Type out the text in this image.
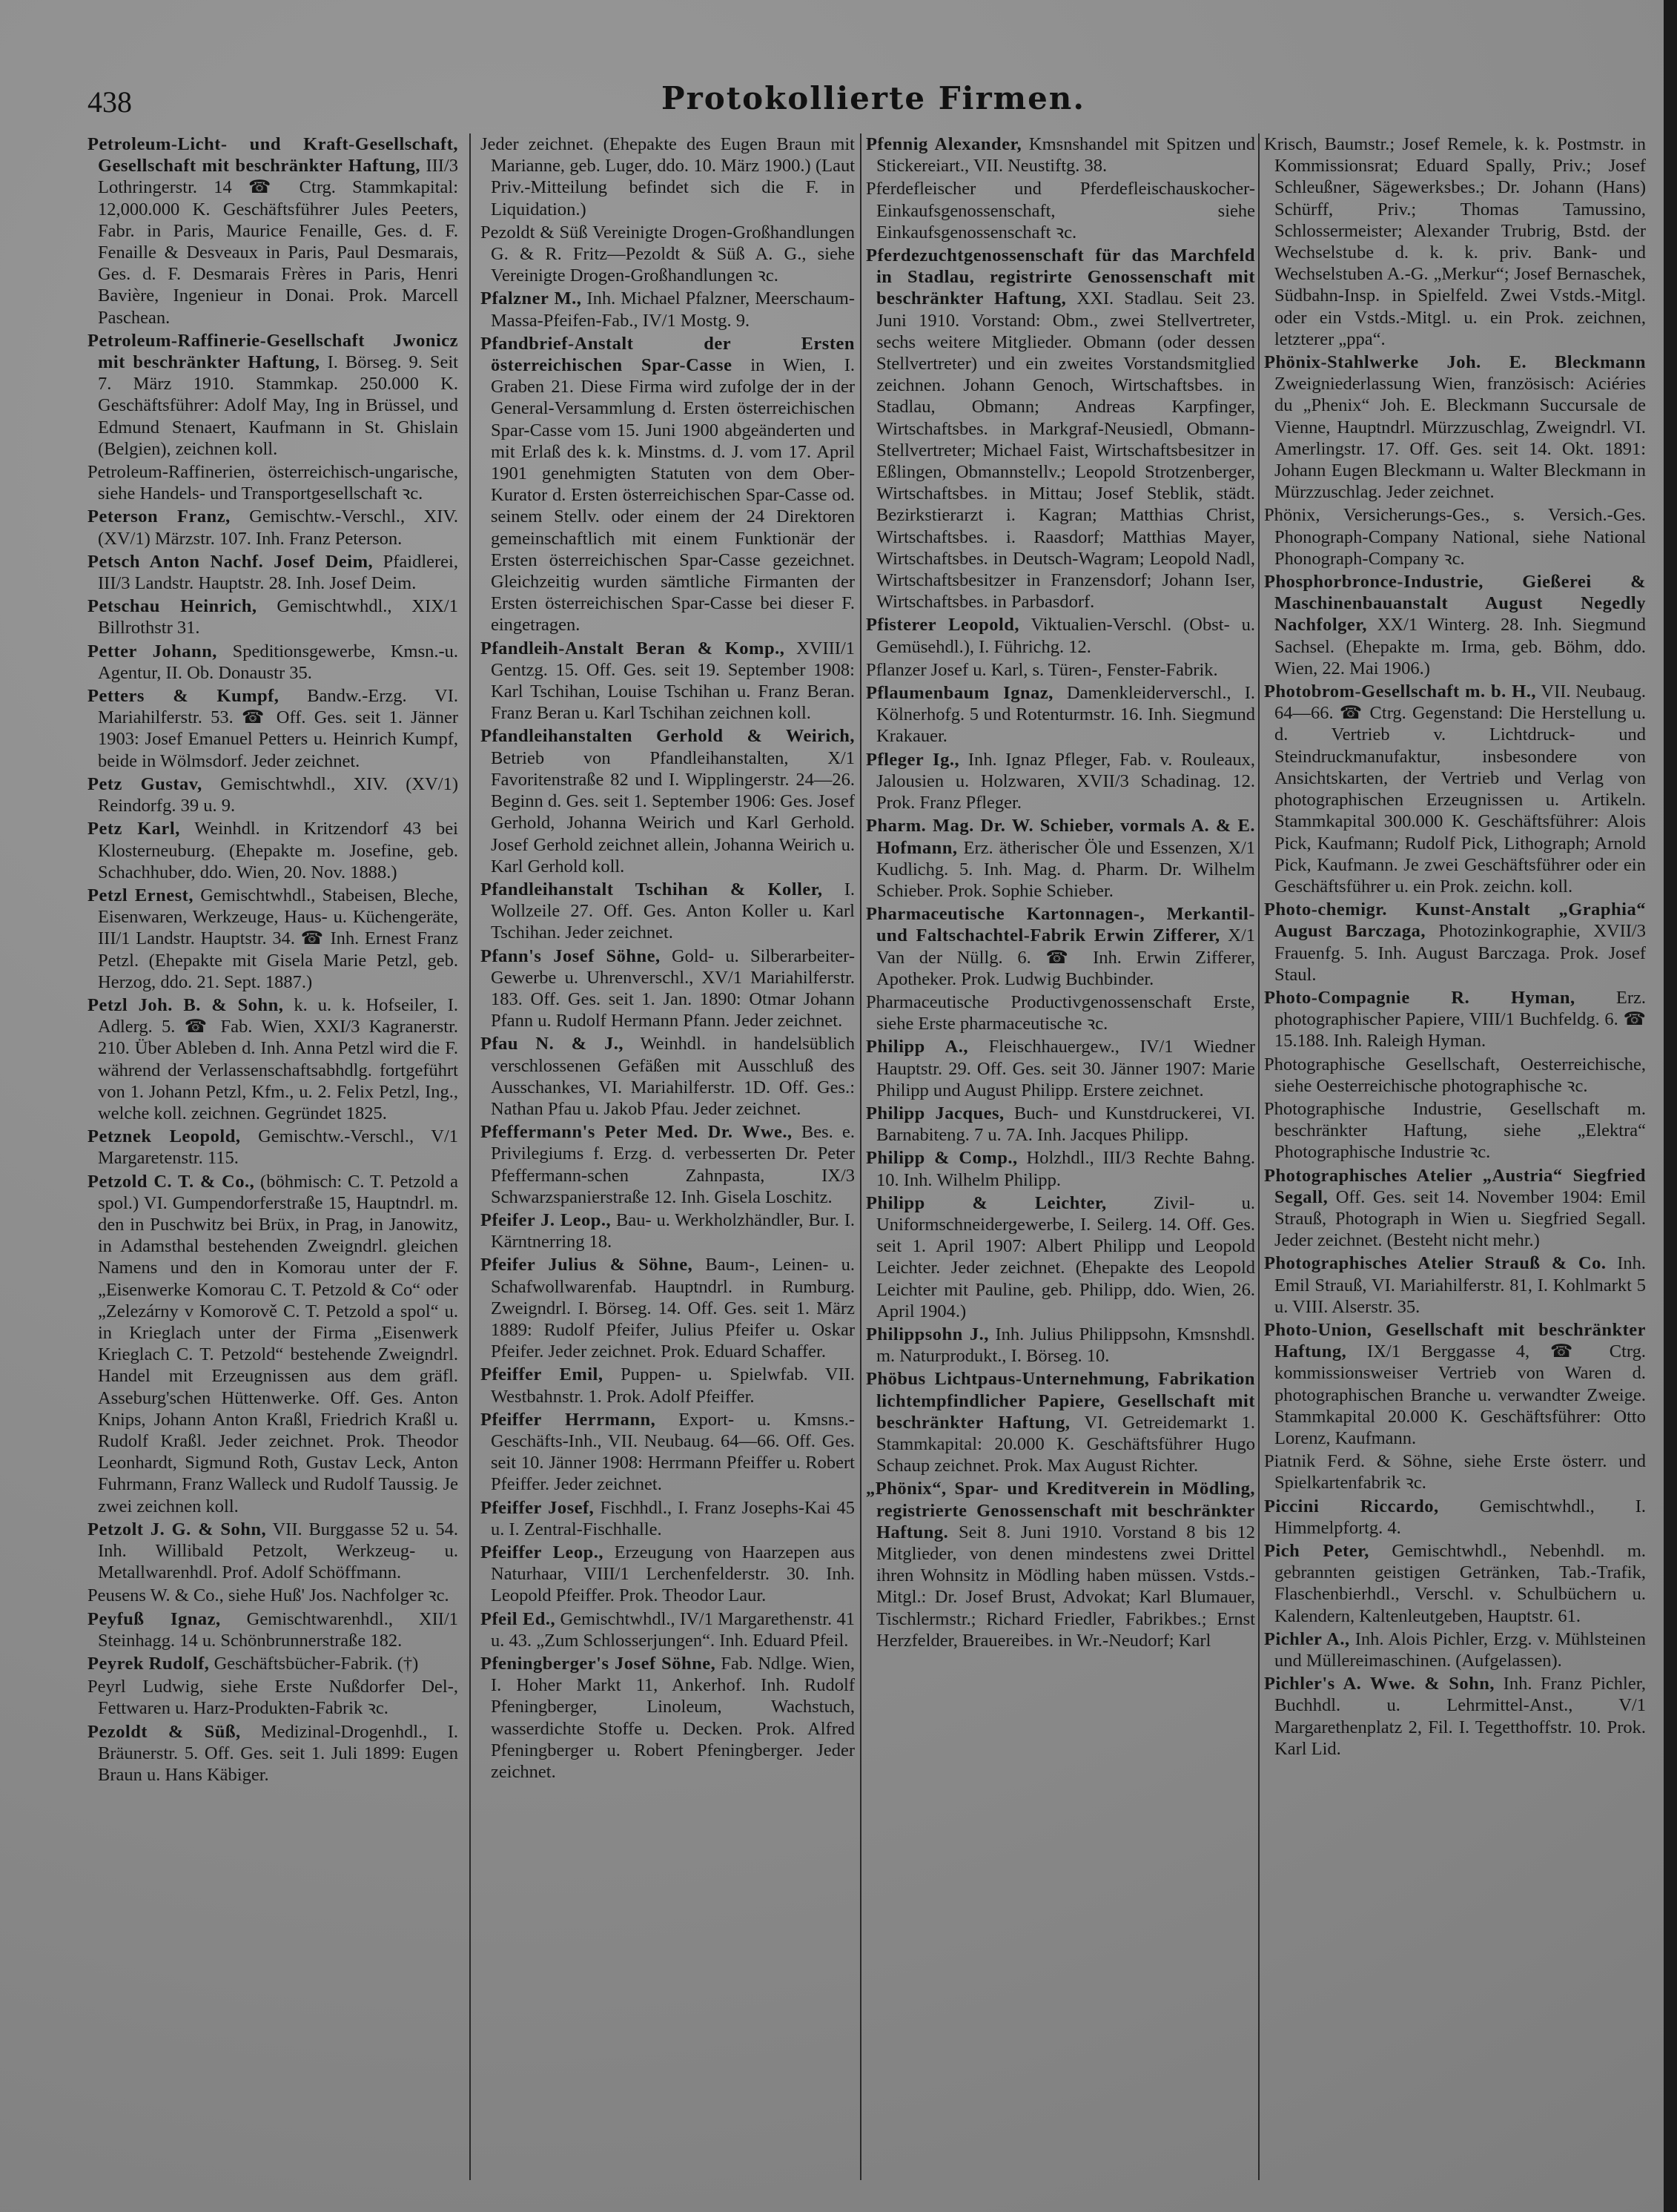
438	Protokollierte Firmen.

Petroleum-Licht- und Kraft-Gesellschaft, Gesellschaft mit beschränkter Haftung, III/3 Lothringerstr. 14 ☎ Ctrg. Stammkapital: 12,000.000 K. Geschäftsführer Jules Peeters, Fabr. in Paris, Maurice Fenaille, Ges. d. F. Fenaille & Desveaux in Paris, Paul Desmarais, Ges. d. F. Desmarais Frères in Paris, Henri Bavière, Ingenieur in Donai. Prok. Marcell Paschean.

Petroleum-Raffinerie-Gesellschaft Jwonicz mit beschränkter Haftung, I. Börseg. 9. Seit 7. März 1910. Stammkap. 250.000 K. Geschäftsführer: Adolf May, Ing in Brüssel, und Edmund Stenaert, Kaufmann in St. Ghislain (Belgien), zeichnen koll.

Petroleum-Raffinerien, österreichisch-ungarische, siehe Handels- und Transportgesellschaft ꝛc.

Peterson Franz, Gemischtw.-Verschl., XIV. (XV/1) Märzstr. 107. Inh. Franz Peterson.

Petsch Anton Nachf. Josef Deim, Pfaidlerei, III/3 Landstr. Hauptstr. 28. Inh. Josef Deim.

Petschau Heinrich, Gemischtwhdl., XIX/1 Billrothstr 31.

Petter Johann, Speditionsgewerbe, Kmsn.-u. Agentur, II. Ob. Donaustr 35.

Petters & Kumpf, Bandw.-Erzg. VI. Mariahilferstr. 53. ☎ Off. Ges. seit 1. Jänner 1903: Josef Emanuel Petters u. Heinrich Kumpf, beide in Wölmsdorf. Jeder zeichnet.

Petz Gustav, Gemischtwhdl., XIV. (XV/1) Reindorfg. 39 u. 9.

Petz Karl, Weinhdl. in Kritzendorf 43 bei Klosterneuburg. (Ehepakte m. Josefine, geb. Schachhuber, ddo. Wien, 20. Nov. 1888.)

Petzl Ernest, Gemischtwhdl., Stabeisen, Bleche, Eisenwaren, Werkzeuge, Haus- u. Küchengeräte, III/1 Landstr. Hauptstr. 34. ☎ Inh. Ernest Franz Petzl. (Ehepakte mit Gisela Marie Petzl, geb. Herzog, ddo. 21. Sept. 1887.)

Petzl Joh. B. & Sohn, k. u. k. Hofseiler, I. Adlerg. 5. ☎ Fab. Wien, XXI/3 Kagranerstr. 210. Über Ableben d. Inh. Anna Petzl wird die F. während der Verlassenschaftsabhdlg. fortgeführt von 1. Johann Petzl, Kfm., u. 2. Felix Petzl, Ing., welche koll. zeichnen. Gegründet 1825.

Petznek Leopold, Gemischtw.-Verschl., V/1 Margaretenstr. 115.

Petzold C. T. & Co., (böhmisch: C. T. Petzold a spol.) VI. Gumpendorferstraße 15, Hauptndrl. m. den in Puschwitz bei Brüx, in Prag, in Janowitz, in Adamsthal bestehenden Zweigndrl. gleichen Namens und den in Komorau unter der F. „Eisenwerke Komorau C. T. Petzold & Co“ oder „Zelezárny v Komorově C. T. Petzold a spol“ u. in Krieglach unter der Firma „Eisenwerk Krieglach C. T. Petzold“ bestehende Zweigndrl. Handel mit Erzeugnissen aus dem gräfl. Asseburg'schen Hüttenwerke. Off. Ges. Anton Knips, Johann Anton Kraßl, Friedrich Kraßl u. Rudolf Kraßl. Jeder zeichnet. Prok. Theodor Leonhardt, Sigmund Roth, Gustav Leck, Anton Fuhrmann, Franz Walleck und Rudolf Taussig. Je zwei zeichnen koll.

Petzolt J. G. & Sohn, VII. Burggasse 52 u. 54. Inh. Willibald Petzolt, Werkzeug- u. Metallwarenhdl. Prof. Adolf Schöffmann.

Peusens W. & Co., siehe Huß' Jos. Nachfolger ꝛc.

Peyfuß Ignaz, Gemischtwarenhdl., XII/1 Steinhagg. 14 u. Schönbrunnerstraße 182.

Peyrek Rudolf, Geschäftsbücher-Fabrik. (†)

Peyrl Ludwig, siehe Erste Nußdorfer Del-, Fettwaren u. Harz-Produkten-Fabrik ꝛc.

Pezoldt & Süß, Medizinal-Drogenhdl., I. Bräunerstr. 5. Off. Ges. seit 1. Juli 1899: Eugen Braun u. Hans Käbiger.

Jeder zeichnet. (Ehepakte des Eugen Braun mit Marianne, geb. Luger, ddo. 10. März 1900.) (Laut Priv.-Mitteilung befindet sich die F. in Liquidation.)

Pezoldt & Süß Vereinigte Drogen-Großhandlungen G. & R. Fritz—Pezoldt & Süß A. G., siehe Vereinigte Drogen-Großhandlungen ꝛc.

Pfalzner M., Inh. Michael Pfalzner, Meerschaum-Massa-Pfeifen-Fab., IV/1 Mostg. 9.

Pfandbrief-Anstalt der Ersten österreichischen Spar-Casse in Wien, I. Graben 21. Diese Firma wird zufolge der in der General-Versammlung d. Ersten österreichischen Spar-Casse vom 15. Juni 1900 abgeänderten und mit Erlaß des k. k. Minstms. d. J. vom 17. April 1901 genehmigten Statuten von dem Ober-Kurator d. Ersten österreichischen Spar-Casse od. seinem Stellv. oder einem der 24 Direktoren gemeinschaftlich mit einem Funktionär der Ersten österreichischen Spar-Casse gezeichnet. Gleichzeitig wurden sämtliche Firmanten der Ersten österreichischen Spar-Casse bei dieser F. eingetragen.

Pfandleih-Anstalt Beran & Komp., XVIII/1 Gentzg. 15. Off. Ges. seit 19. September 1908: Karl Tschihan, Louise Tschihan u. Franz Beran. Franz Beran u. Karl Tschihan zeichnen koll.

Pfandleihanstalten Gerhold & Weirich, Betrieb von Pfandleihanstalten, X/1 Favoritenstraße 82 und I. Wipplingerstr. 24—26. Beginn d. Ges. seit 1. September 1906: Ges. Josef Gerhold, Johanna Weirich und Karl Gerhold. Josef Gerhold zeichnet allein, Johanna Weirich u. Karl Gerhold koll.

Pfandleihanstalt Tschihan & Koller, I. Wollzeile 27. Off. Ges. Anton Koller u. Karl Tschihan. Jeder zeichnet.

Pfann's Josef Söhne, Gold- u. Silberarbeiter-Gewerbe u. Uhrenverschl., XV/1 Mariahilferstr. 183. Off. Ges. seit 1. Jan. 1890: Otmar Johann Pfann u. Rudolf Hermann Pfann. Jeder zeichnet.

Pfau N. & J., Weinhdl. in handelsüblich verschlossenen Gefäßen mit Ausschluß des Ausschankes, VI. Mariahilferstr. 1D. Off. Ges.: Nathan Pfau u. Jakob Pfau. Jeder zeichnet.

Pfeffermann's Peter Med. Dr. Wwe., Bes. e. Privilegiums f. Erzg. d. verbesserten Dr. Peter Pfeffermann-schen Zahnpasta, IX/3 Schwarzspanierstraße 12. Inh. Gisela Loschitz.

Pfeifer J. Leop., Bau- u. Werkholzhändler, Bur. I. Kärntnerring 18.

Pfeifer Julius & Söhne, Baum-, Leinen- u. Schafwollwarenfab. Hauptndrl. in Rumburg. Zweigndrl. I. Börseg. 14. Off. Ges. seit 1. März 1889: Rudolf Pfeifer, Julius Pfeifer u. Oskar Pfeifer. Jeder zeichnet. Prok. Eduard Schaffer.

Pfeiffer Emil, Puppen- u. Spielwfab. VII. Westbahnstr. 1. Prok. Adolf Pfeiffer.

Pfeiffer Herrmann, Export- u. Kmsns.-Geschäfts-Inh., VII. Neubaug. 64—66. Off. Ges. seit 10. Jänner 1908: Herrmann Pfeiffer u. Robert Pfeiffer. Jeder zeichnet.

Pfeiffer Josef, Fischhdl., I. Franz Josephs-Kai 45 u. I. Zentral-Fischhalle.

Pfeiffer Leop., Erzeugung von Haarzepen aus Naturhaar, VIII/1 Lerchenfelderstr. 30. Inh. Leopold Pfeiffer. Prok. Theodor Laur.

Pfeil Ed., Gemischtwhdl., IV/1 Margarethenstr. 41 u. 43. „Zum Schlosserjungen“. Inh. Eduard Pfeil.

Pfeningberger's Josef Söhne, Fab. Ndlge. Wien, I. Hoher Markt 11, Ankerhof. Inh. Rudolf Pfeningberger, Linoleum, Wachstuch, wasserdichte Stoffe u. Decken. Prok. Alfred Pfeningberger u. Robert Pfeningberger. Jeder zeichnet.

Pfennig Alexander, Kmsnshandel mit Spitzen und Stickereiart., VII. Neustiftg. 38.

Pferdefleischer und Pferdefleischauskocher-Einkaufsgenossenschaft, siehe Einkaufsgenossenschaft ꝛc.

Pferdezuchtgenossenschaft für das Marchfeld in Stadlau, registrirte Genossenschaft mit beschränkter Haftung, XXI. Stadlau. Seit 23. Juni 1910. Vorstand: Obm., zwei Stellvertreter, sechs weitere Mitglieder. Obmann (oder dessen Stellvertreter) und ein zweites Vorstandsmitglied zeichnen. Johann Genoch, Wirtschaftsbes. in Stadlau, Obmann; Andreas Karpfinger, Wirtschaftsbes. in Markgraf-Neusiedl, Obmann-Stellvertreter; Michael Faist, Wirtschaftsbesitzer in Eßlingen, Obmannstellv.; Leopold Strotzenberger, Wirtschaftsbes. in Mittau; Josef Steblik, städt. Bezirkstierarzt i. Kagran; Matthias Christ, Wirtschaftsbes. i. Raasdorf; Matthias Mayer, Wirtschaftsbes. in Deutsch-Wagram; Leopold Nadl, Wirtschaftsbesitzer in Franzensdorf; Johann Iser, Wirtschaftsbes. in Parbasdorf.

Pfisterer Leopold, Viktualien-Verschl. (Obst- u. Gemüsehdl.), I. Führichg. 12.

Pflanzer Josef u. Karl, s. Türen-, Fenster-Fabrik.

Pflaumenbaum Ignaz, Damenkleiderverschl., I. Kölnerhofg. 5 und Rotenturmstr. 16. Inh. Siegmund Krakauer.

Pfleger Ig., Inh. Ignaz Pfleger, Fab. v. Rouleaux, Jalousien u. Holzwaren, XVII/3 Schadinag. 12. Prok. Franz Pfleger.

Pharm. Mag. Dr. W. Schieber, vormals A. & E. Hofmann, Erz. ätherischer Öle und Essenzen, X/1 Kudlichg. 5. Inh. Mag. d. Pharm. Dr. Wilhelm Schieber. Prok. Sophie Schieber.

Pharmaceutische Kartonnagen-, Merkantil- und Faltschachtel-Fabrik Erwin Zifferer, X/1 Van der Nüllg. 6. ☎ Inh. Erwin Zifferer, Apotheker. Prok. Ludwig Buchbinder.

Pharmaceutische Productivgenossenschaft Erste, siehe Erste pharmaceutische ꝛc.

Philipp A., Fleischhauergew., IV/1 Wiedner Hauptstr. 29. Off. Ges. seit 30. Jänner 1907: Marie Philipp und August Philipp. Erstere zeichnet.

Philipp Jacques, Buch- und Kunstdruckerei, VI. Barnabiteng. 7 u. 7A. Inh. Jacques Philipp.

Philipp & Comp., Holzhdl., III/3 Rechte Bahng. 10. Inh. Wilhelm Philipp.

Philipp & Leichter,	Zivil- u. Uniformschneidergewerbe, I. Seilerg. 14. Off. Ges. seit 1. April 1907: Albert Philipp und Leopold Leichter. Jeder zeichnet. (Ehepakte des Leopold Leichter mit Pauline, geb. Philipp, ddo. Wien, 26. April 1904.)

Philippsohn J., Inh. Julius Philippsohn, Kmsnshdl. m. Naturprodukt., I. Börseg. 10.

Phöbus Lichtpaus-Unternehmung, Fabrikation lichtempfindlicher Papiere, Gesellschaft mit beschränkter Haftung, VI. Getreidemarkt 1. Stammkapital: 20.000 K. Geschäftsführer Hugo Schaup zeichnet. Prok. Max August Richter.

„Phönix“, Spar- und Kreditverein in Mödling, registrierte Genossenschaft mit beschränkter Haftung. Seit 8. Juni 1910. Vorstand 8 bis 12 Mitglieder, von denen mindestens zwei Drittel ihren Wohnsitz in Mödling haben müssen. Vstds.-Mitgl.: Dr. Josef Brust, Advokat; Karl Blumauer, Tischlermstr.; Richard Friedler, Fabrikbes.; Ernst Herzfelder, Brauereibes. in Wr.-Neudorf; Karl

Krisch, Baumstr.; Josef Remele, k. k. Postmstr. in Kommissionsrat; Eduard Spally, Priv.; Josef Schleußner, Sägewerksbes.; Dr. Johann (Hans) Schürff, Priv.; Thomas Tamussino, Schlossermeister; Alexander Trubrig, Bstd. der Wechselstube d. k. k. priv. Bank- und Wechselstuben A.-G. „Merkur“; Josef Bernaschek, Südbahn-Insp. in Spielfeld. Zwei Vstds.-Mitgl. oder ein Vstds.-Mitgl. u. ein Prok. zeichnen, letzterer „ppa“.

Phönix-Stahlwerke Joh. E. Bleckmann Zweigniederlassung Wien, französisch: Aciéries du „Phenix“ Joh. E. Bleckmann Succursale de Vienne, Hauptndrl. Mürzzuschlag, Zweigndrl. VI. Amerlingstr. 17. Off. Ges. seit 14. Okt. 1891: Johann Eugen Bleckmann u. Walter Bleckmann in Mürzzuschlag. Jeder zeichnet.

Phönix, Versicherungs-Ges., s. Versich.-Ges. Phonograph-Company National, siehe National Phonograph-Company ꝛc.

Phosphorbronce-Industrie, Gießerei & Maschinenbauanstalt August Negedly Nachfolger, XX/1 Winterg. 28. Inh. Siegmund Sachsel. (Ehepakte m. Irma, geb. Böhm, ddo. Wien, 22. Mai 1906.)

Photobrom-Gesellschaft m. b. H., VII. Neubaug. 64—66. ☎ Ctrg. Gegenstand: Die Herstellung u. d. Vertrieb v. Lichtdruck- und Steindruckmanufaktur, insbesondere von Ansichtskarten, der Vertrieb und Verlag von photographischen Erzeugnissen u. Artikeln. Stammkapital 300.000 K. Geschäftsführer: Alois Pick, Kaufmann; Rudolf Pick, Lithograph; Arnold Pick, Kaufmann. Je zwei Geschäftsführer oder ein Geschäftsführer u. ein Prok. zeichn. koll.

Photo-chemigr. Kunst-Anstalt „Graphia“ August Barczaga, Photozinkographie, XVII/3 Frauenfg. 5. Inh. August Barczaga. Prok. Josef Staul.

Photo-Compagnie R. Hyman, Erz. photographischer Papiere, VIII/1 Buchfeldg. 6. ☎ 15.188. Inh. Raleigh Hyman.

Photographische Gesellschaft, Oesterreichische, siehe Oesterreichische photographische ꝛc.

Photographische Industrie, Gesellschaft m. beschränkter Haftung, siehe „Elektra“ Photographische Industrie ꝛc.

Photographisches Atelier „Austria“ Siegfried Segall, Off. Ges. seit 14. November 1904: Emil Strauß, Photograph in Wien u. Siegfried Segall. Jeder zeichnet. (Besteht nicht mehr.)

Photographisches Atelier Strauß & Co. Inh. Emil Strauß, VI. Mariahilferstr. 81, I. Kohlmarkt 5 u. VIII. Alserstr. 35.

Photo-Union, Gesellschaft mit beschränkter Haftung, IX/1 Berggasse 4, ☎ Ctrg. kommissionsweiser Vertrieb von Waren d. photographischen Branche u. verwandter Zweige. Stammkapital 20.000 K. Geschäftsführer: Otto Lorenz, Kaufmann.

Piatnik Ferd. & Söhne, siehe Erste österr. und Spielkartenfabrik ꝛc.

Piccini Riccardo, Gemischtwhdl., I. Himmelpfortg. 4.

Pich Peter, Gemischtwhdl., Nebenhdl. m. gebrannten geistigen Getränken, Tab.-Trafik, Flaschenbierhdl., Verschl. v. Schulbüchern u. Kalendern, Kaltenleutgeben, Hauptstr. 61.

Pichler A., Inh. Alois Pichler, Erzg. v. Mühlsteinen und Müllereimaschinen. (Aufgelassen).

Pichler's A. Wwe. & Sohn, Inh. Franz Pichler, Buchhdl. u. Lehrmittel-Anst., V/1 Margarethenplatz 2, Fil. I. Tegetthoffstr. 10. Prok. Karl Lid.
